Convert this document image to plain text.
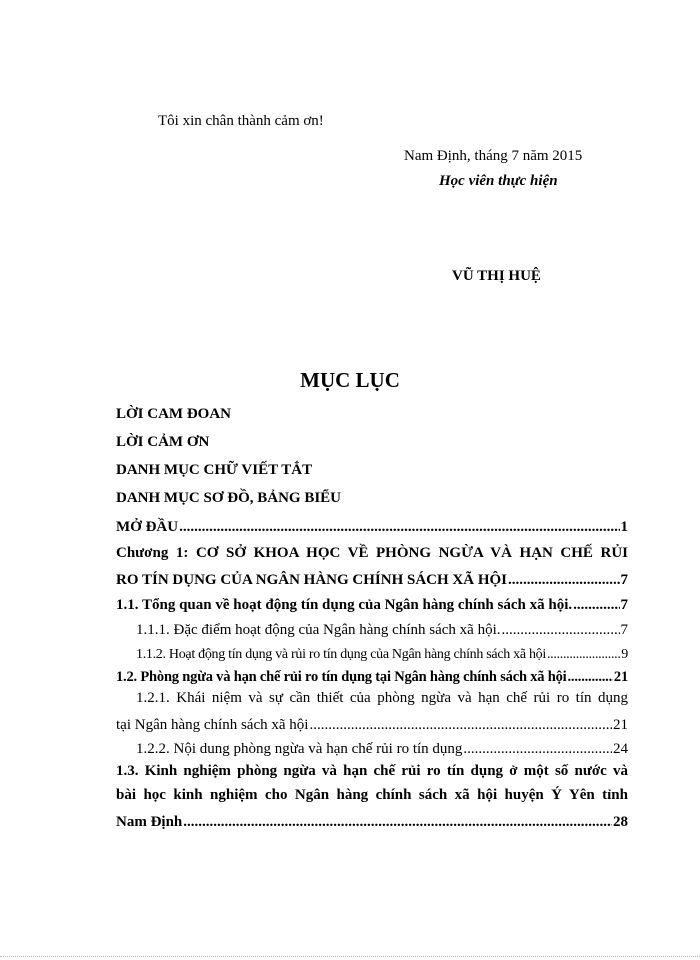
Tôi xin chân thành cảm ơn!
Nam Định, tháng 7 năm 2015
Học viên thực hiện
VŨ THỊ HUỆ
MỤC LỤC
LỜI CAM ĐOAN
LỜI CẢM ƠN
DANH MỤC CHỮ VIẾT TẮT
DANH MỤC SƠ ĐỒ, BẢNG BIỂU
MỞ ĐẦU .....	1
Chương 1: CƠ SỞ KHOA HỌC VỀ PHÒNG NGỪA VÀ HẠN CHẾ RỦI
RO TÍN DỤNG CỦA NGÂN HÀNG CHÍNH SÁCH XÃ HỘI .....	7
1.1. Tổng quan về hoạt động tín dụng của Ngân hàng chính sách xã hội. .....	7
1.1.1. Đặc điểm hoạt động của Ngân hàng chính sách xã hội. .....	7
1.1.2. Hoạt động tín dụng và rủi ro tín dụng của Ngân hàng chính sách xã hội .....	9
1.2. Phòng ngừa và hạn chế rủi ro tín dụng tại Ngân hàng chính sách xã hội .....	21
1.2.1. Khái niệm và sự cần thiết của phòng ngừa và hạn chế rủi ro tín dụng
tại Ngân hàng chính sách xã hội .....	21
1.2.2. Nội dung phòng ngừa và hạn chế rủi ro tín dụng .....	24
1.3. Kinh nghiệm phòng ngừa và hạn chế rủi ro tín dụng ở một số nước và
bài học kinh nghiệm cho Ngân hàng chính sách xã hội huyện Ý Yên tỉnh
Nam Định .....	28
